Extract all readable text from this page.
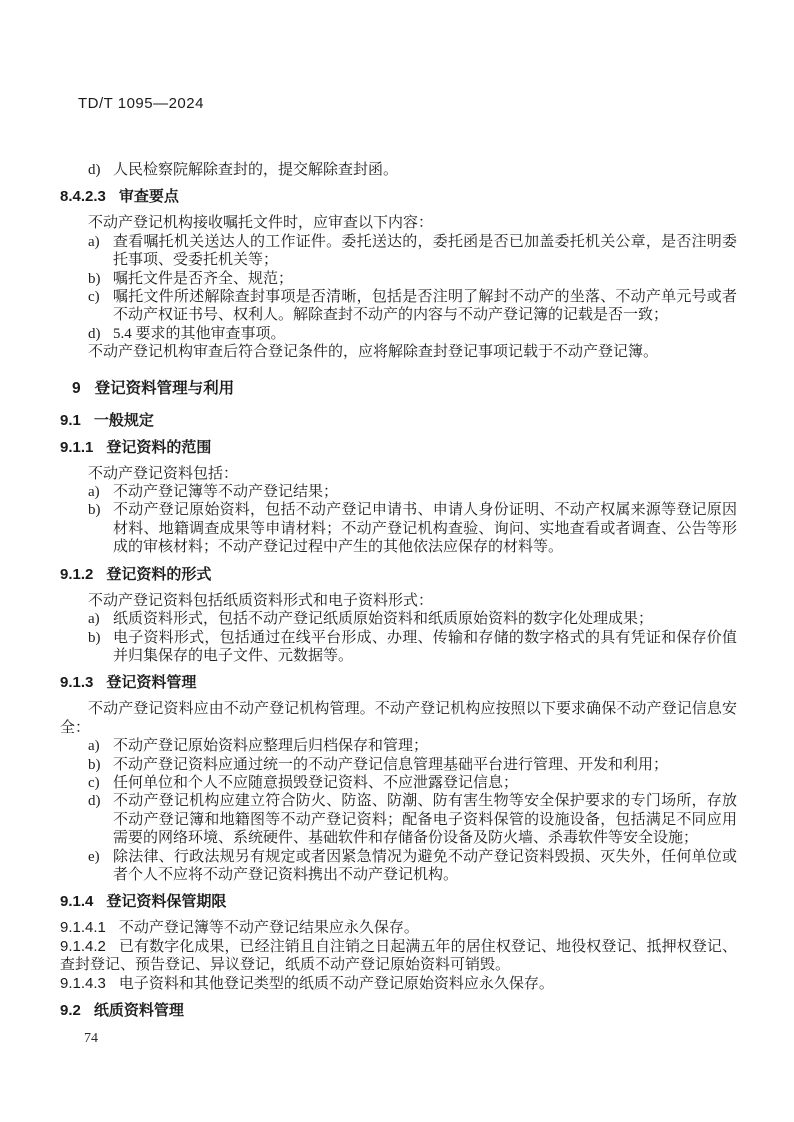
TD/T 1095—2024
d) 人民检察院解除查封的，提交解除查封函。
8.4.2.3 审查要点

不动产登记机构接收嘱托文件时，应审查以下内容：

a) 查看嘱托机关送达人的工作证件。委托送达的，委托函是否已加盖委托机关公章，是否注明委托事项、受委托机关等；
b) 嘱托文件是否齐全、规范；
c) 嘱托文件所述解除查封事项是否清晰，包括是否注明了解封不动产的坐落、不动产单元号或者不动产权证书号、权利人。解除查封不动产的内容与不动产登记簿的记载是否一致；
d) 5.4 要求的其他审查事项。

不动产登记机构审查后符合登记条件的，应将解除查封登记事项记载于不动产登记簿。

9 登记资料管理与利用
9.1 一般规定
9.1.1 登记资料的范围

不动产登记资料包括：

a) 不动产登记簿等不动产登记结果；
b) 不动产登记原始资料，包括不动产登记申请书、申请人身份证明、不动产权属来源等登记原因材料、地籍调查成果等申请材料；不动产登记机构查验、询问、实地查看或者调查、公告等形成的审核材料；不动产登记过程中产生的其他依法应保存的材料等。
9.1.2 登记资料的形式

不动产登记资料包括纸质资料形式和电子资料形式：

a) 纸质资料形式，包括不动产登记纸质原始资料和纸质原始资料的数字化处理成果；
b) 电子资料形式，包括通过在线平台形成、办理、传输和存储的数字格式的具有凭证和保存价值并归集保存的电子文件、元数据等。
9.1.3 登记资料管理

不动产登记资料应由不动产登记机构管理。不动产登记机构应按照以下要求确保不动产登记信息安全：

a) 不动产登记原始资料应整理后归档保存和管理；
b) 不动产登记资料应通过统一的不动产登记信息管理基础平台进行管理、开发和利用；
c) 任何单位和个人不应随意损毁登记资料、不应泄露登记信息；
d) 不动产登记机构应建立符合防火、防盗、防潮、防有害生物等安全保护要求的专门场所，存放不动产登记簿和地籍图等不动产登记资料；配备电子资料保管的设施设备，包括满足不同应用需要的网络环境、系统硬件、基础软件和存储备份设备及防火墙、杀毒软件等安全设施；
e) 除法律、行政法规另有规定或者因紧急情况为避免不动产登记资料毁损、灭失外，任何单位或者个人不应将不动产登记资料携出不动产登记机构。
9.1.4 登记资料保管期限

9.1.4.1 不动产登记簿等不动产登记结果应永久保存。

9.1.4.2 已有数字化成果，已经注销且自注销之日起满五年的居住权登记、地役权登记、抵押权登记、查封登记、预告登记、异议登记，纸质不动产登记原始资料可销毁。

9.1.4.3 电子资料和其他登记类型的纸质不动产登记原始资料应永久保存。

9.2 纸质资料管理
74
